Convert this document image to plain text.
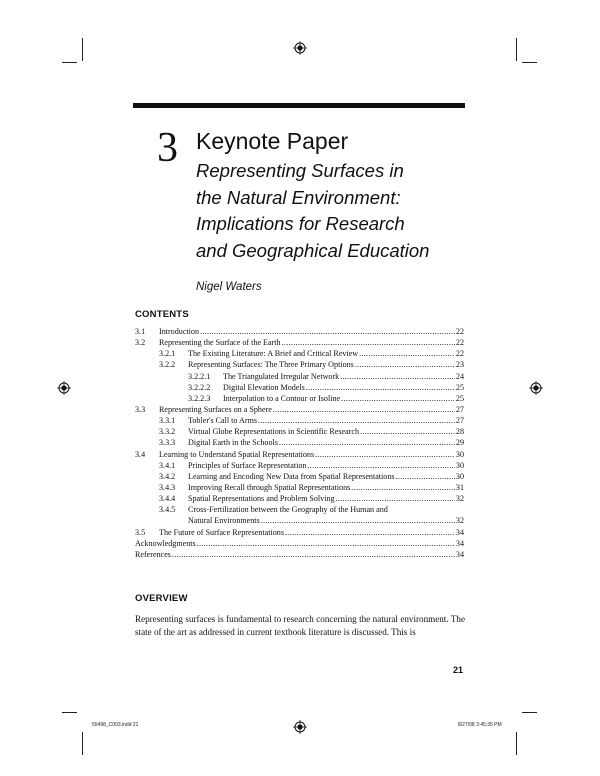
3 Keynote Paper
Representing Surfaces in
the Natural Environment:
Implications for Research
and Geographical Education
Nigel Waters
CONTENTS
3.1	Introduction .....	22
3.2	Representing the Surface of the Earth .....	22
3.2.1	The Existing Literature: A Brief and Critical Review .....	22
3.2.2	Representing Surfaces: The Three Primary Options .....	23
3.2.2.1	The Triangulated Irregular Network .....	24
3.2.2.2	Digital Elevation Models .....	25
3.2.2.3	Interpolation to a Contour or Isoline .....	25
3.3	Representing Surfaces on a Sphere .....	27
3.3.1	Tobler's Call to Arms .....	27
3.3.2	Virtual Globe Representations in Scientific Research .....	28
3.3.3	Digital Earth in the Schools .....	29
3.4	Learning to Understand Spatial Representations .....	30
3.4.1	Principles of Surface Representation .....	30
3.4.2	Learning and Encoding New Data from Spatial Representations .....	30
3.4.3	Improving Recall through Spatial Representations .....	31
3.4.4	Spatial Representations and Problem Solving .....	32
3.4.5	Cross-Fertilization between the Geography of the Human and
Natural Environments .....	32
3.5	The Future of Surface Representations .....	34
Acknowledgments .....	34
References .....	34
OVERVIEW
Representing surfaces is fundamental to research concerning the natural environment. The state of the art as addressed in current textbook literature is discussed. This is
21
55498_C003.indd 21	8/27/08 3:45:35 PM
